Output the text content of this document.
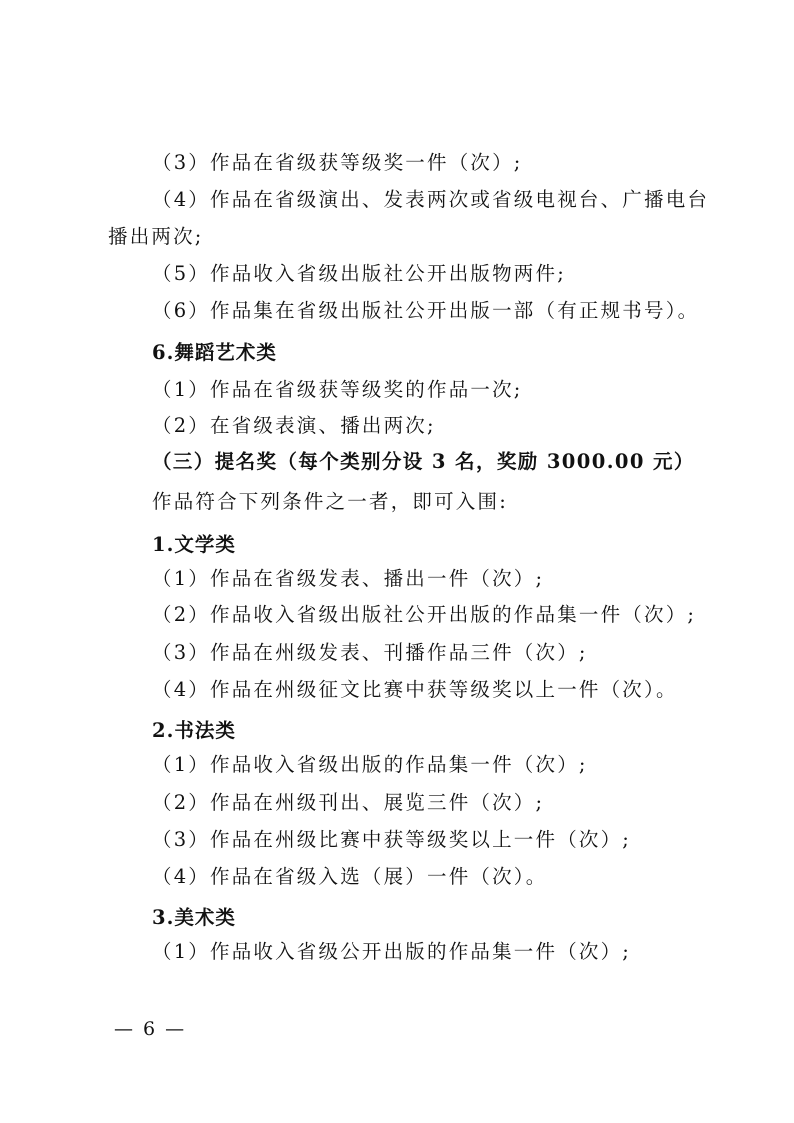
（3）作品在省级获等级奖一件（次）;
（4）作品在省级演出、发表两次或省级电视台、广播电台
播出两次;
（5）作品收入省级出版社公开出版物两件;
（6）作品集在省级出版社公开出版一部（有正规书号）。
6.舞蹈艺术类
（1）作品在省级获等级奖的作品一次;
（2）在省级表演、播出两次;
（三）提名奖（每个类别分设 3 名，奖励 3000.00 元）
作品符合下列条件之一者，即可入围:
1.文学类
（1）作品在省级发表、播出一件（次）;
（2）作品收入省级出版社公开出版的作品集一件（次）;
（3）作品在州级发表、刊播作品三件（次）;
（4）作品在州级征文比赛中获等级奖以上一件（次）。
2.书法类
（1）作品收入省级出版的作品集一件（次）;
（2）作品在州级刊出、展览三件（次）;
（3）作品在州级比赛中获等级奖以上一件（次）;
（4）作品在省级入选（展）一件（次）。
3.美术类
（1）作品收入省级公开出版的作品集一件（次）;
— 6 —
